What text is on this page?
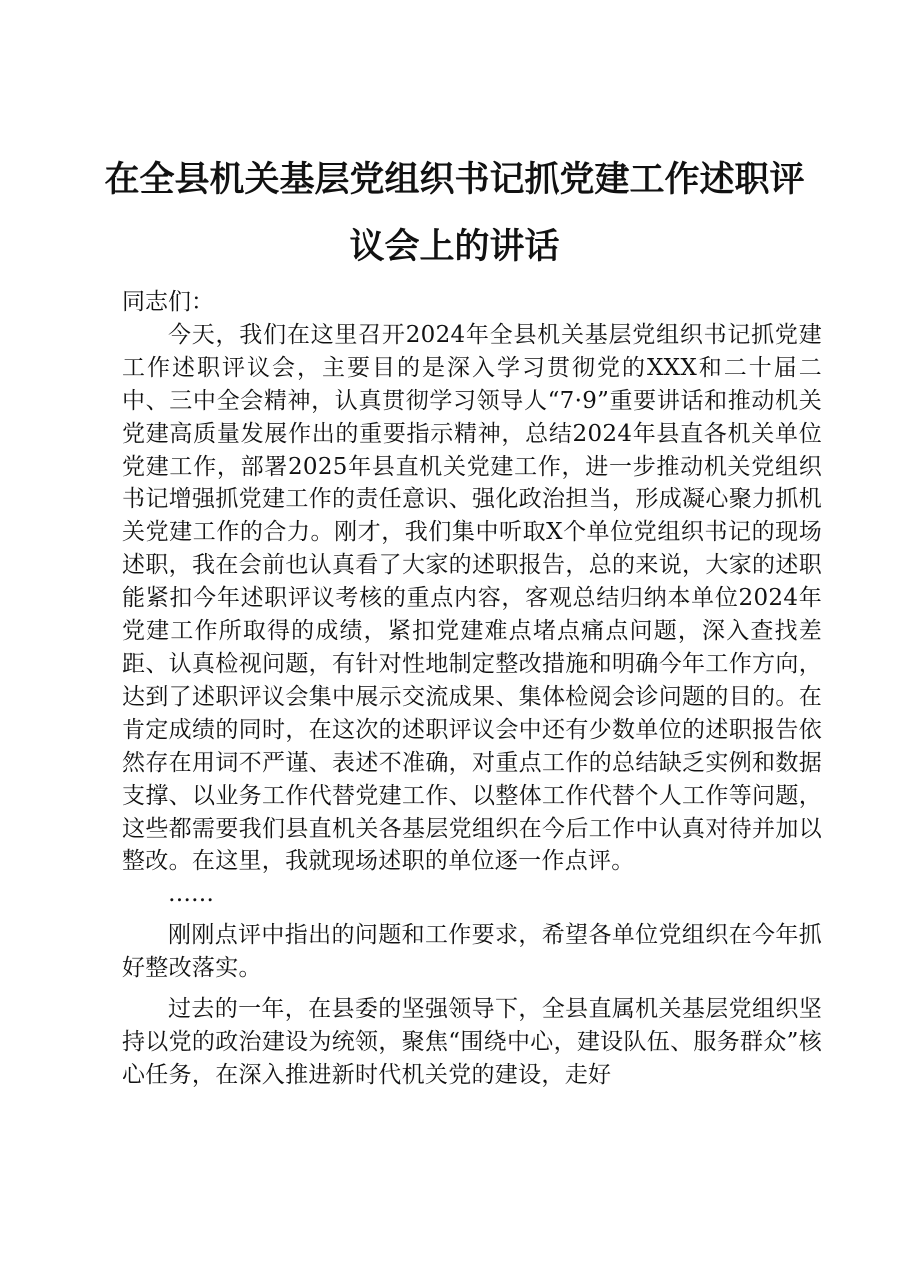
在全县机关基层党组织书记抓党建工作述职评
议会上的讲话

同志们：

今天，我们在这里召开2024年全县机关基层党组织书记抓党建工作述职评议会，主要目的是深入学习贯彻党的XXX和二十届二中、三中全会精神，认真贯彻学习领导人“7·9”重要讲话和推动机关党建高质量发展作出的重要指示精神，总结2024年县直各机关单位党建工作，部署2025年县直机关党建工作，进一步推动机关党组织书记增强抓党建工作的责任意识、强化政治担当，形成凝心聚力抓机关党建工作的合力。刚才，我们集中听取X个单位党组织书记的现场述职，我在会前也认真看了大家的述职报告，总的来说，大家的述职能紧扣今年述职评议考核的重点内容，客观总结归纳本单位2024年党建工作所取得的成绩，紧扣党建难点堵点痛点问题，深入查找差距、认真检视问题，有针对性地制定整改措施和明确今年工作方向，达到了述职评议会集中展示交流成果、集体检阅会诊问题的目的。在肯定成绩的同时，在这次的述职评议会中还有少数单位的述职报告依然存在用词不严谨、表述不准确，对重点工作的总结缺乏实例和数据支撑、以业务工作代替党建工作、以整体工作代替个人工作等问题，这些都需要我们县直机关各基层党组织在今后工作中认真对待并加以整改。在这里，我就现场述职的单位逐一作点评。

……

刚刚点评中指出的问题和工作要求，希望各单位党组织在今年抓好整改落实。

过去的一年，在县委的坚强领导下，全县直属机关基层党组织坚持以党的政治建设为统领，聚焦“围绕中心，建设队伍、服务群众”核心任务，在深入推进新时代机关党的建设，走好
